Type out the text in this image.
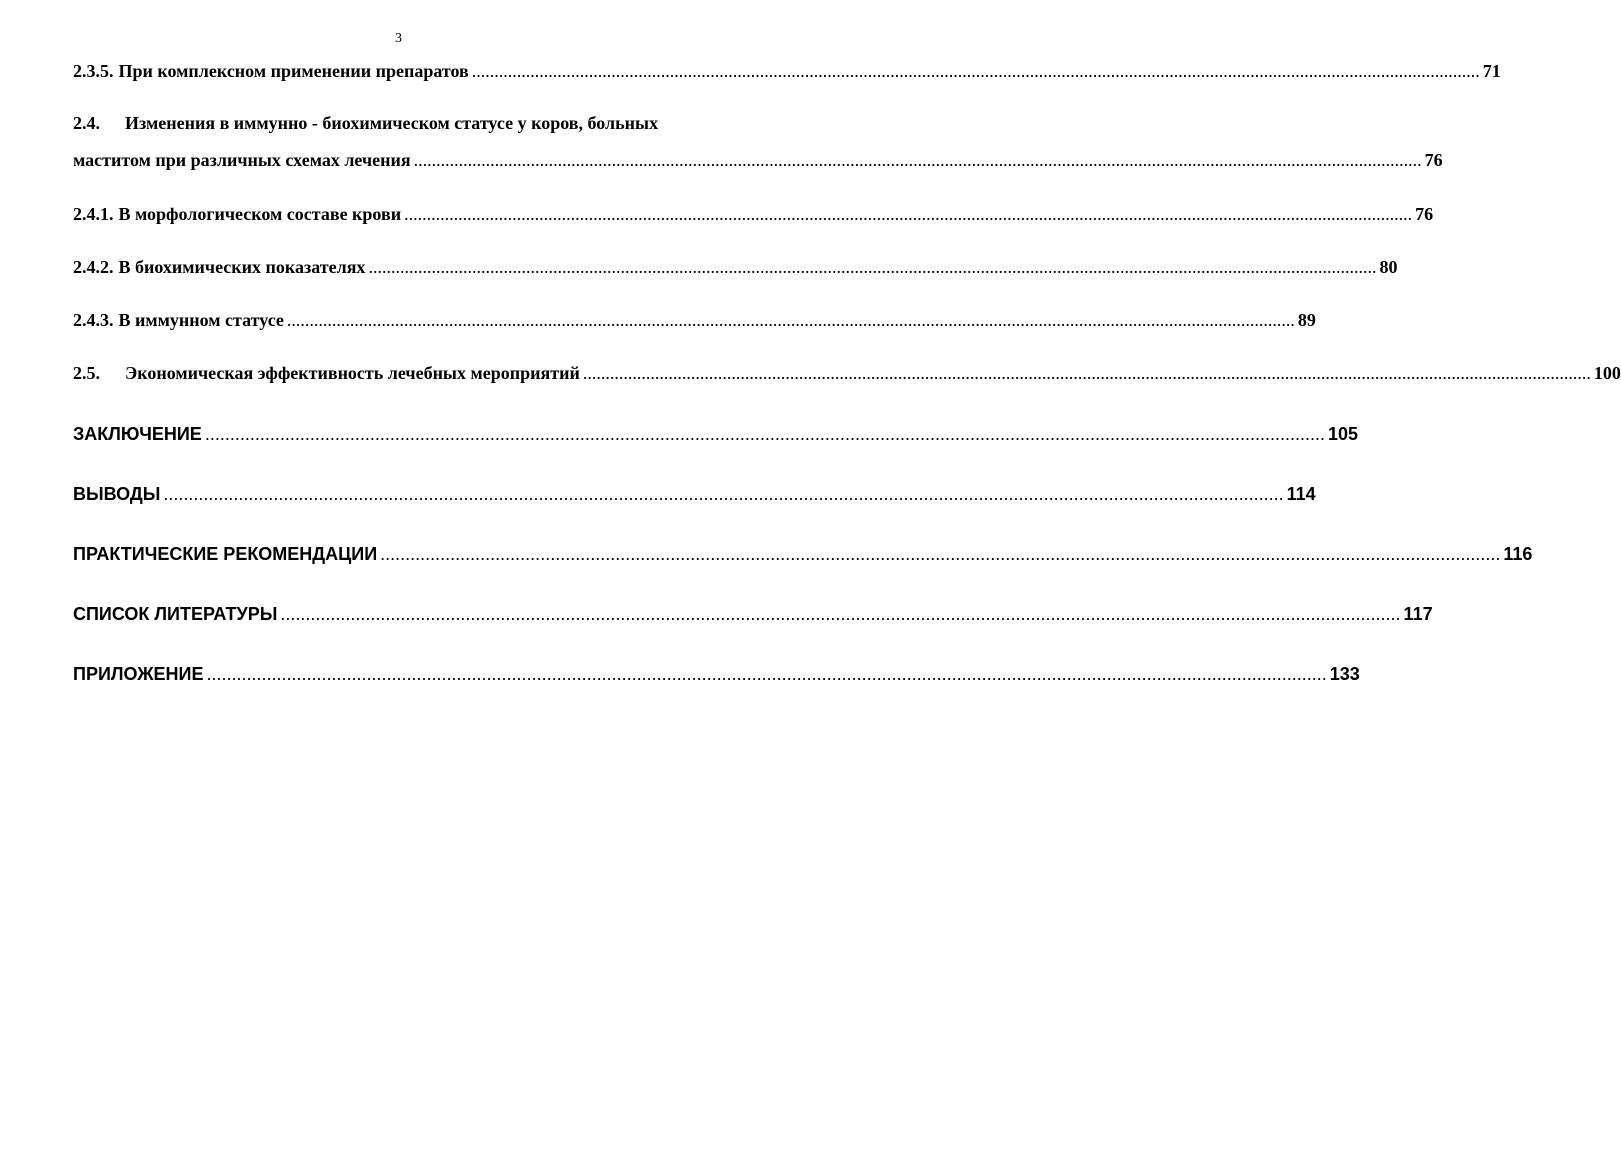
3
2.3.5. При комплексном применении препаратов .....	71
2.4.	Изменения в иммунно - биохимическом статусе у коров, больных
маститом при различных схемах лечения .....	76
2.4.1. В морфологическом составе крови .....	76
2.4.2. В биохимических показателях .....	80
2.4.3. В иммунном статусе .....	89
2.5.	Экономическая эффективность лечебных мероприятий .....	100
ЗАКЛЮЧЕНИЕ .....	105
ВЫВОДЫ .....	114
ПРАКТИЧЕСКИЕ РЕКОМЕНДАЦИИ .....	116
СПИСОК ЛИТЕРАТУРЫ .....	117
ПРИЛОЖЕНИЕ .....	133
